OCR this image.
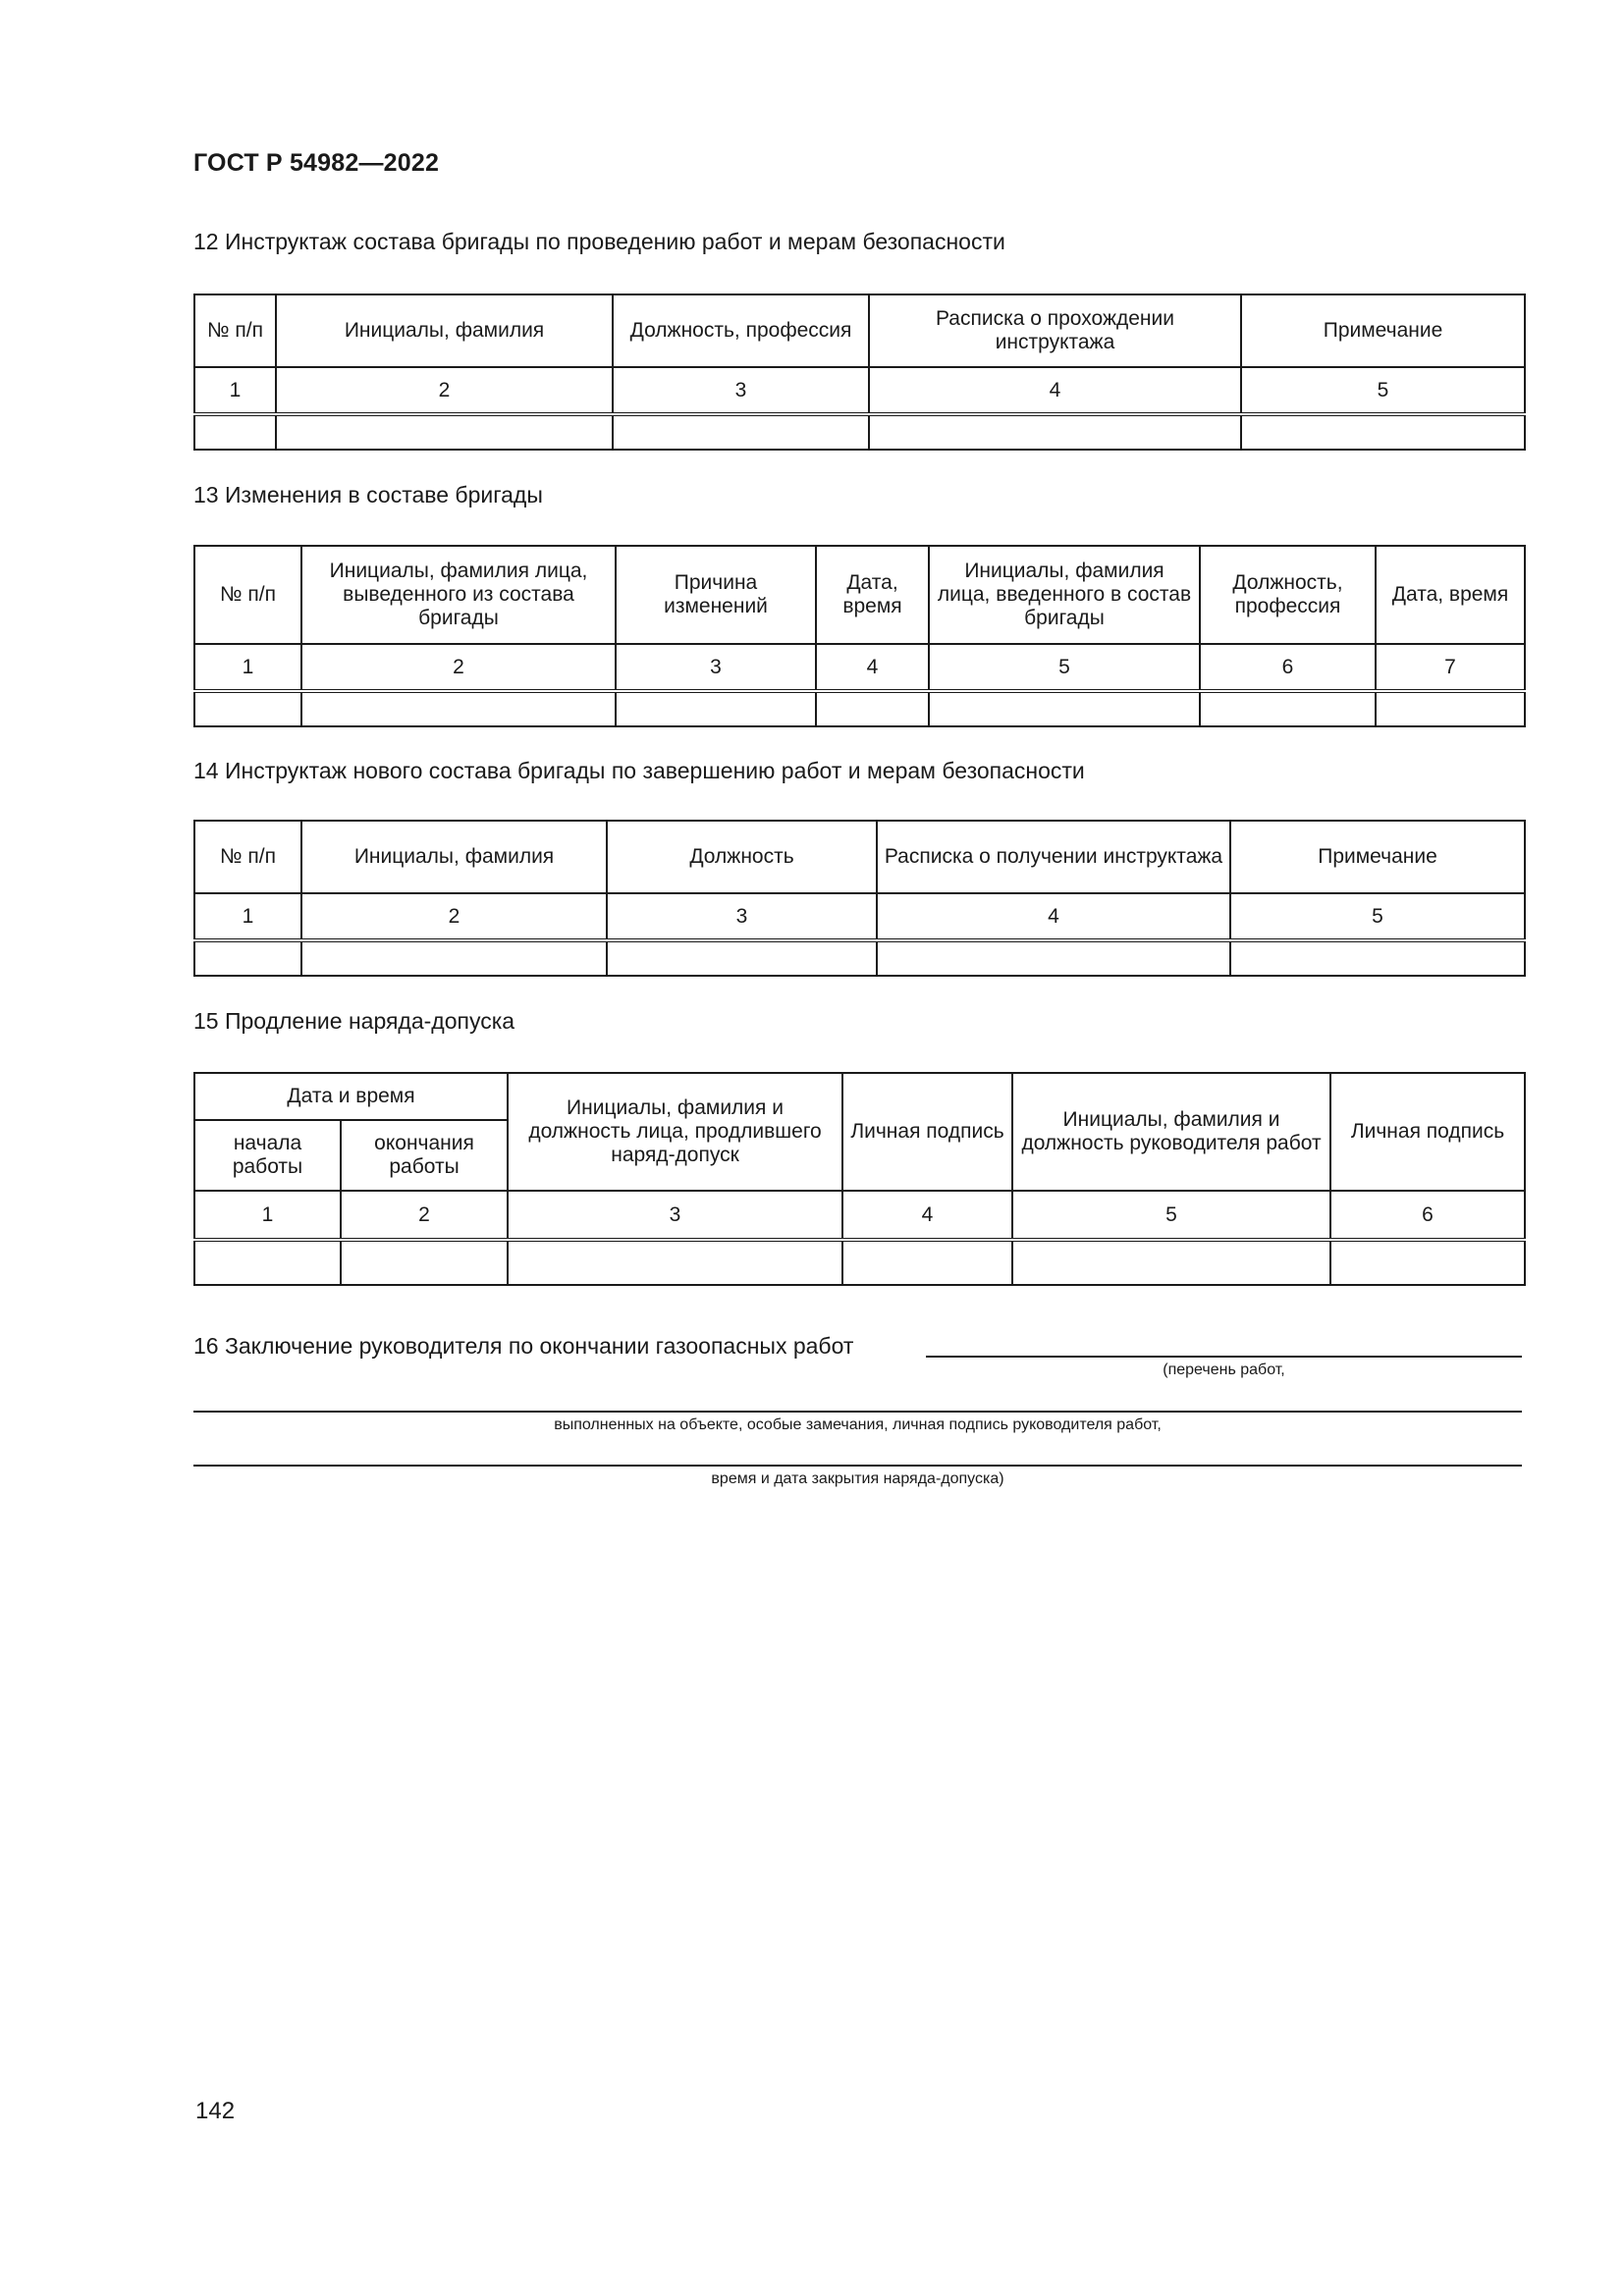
ГОСТ Р 54982—2022
12 Инструктаж состава бригады по проведению работ и мерам безопасности
№ п/п	Инициалы, фамилия	Должность, профессия	Расписка о прохождении инструктажа	Примечание
1	2	3	4	5

13 Изменения в составе бригады
№ п/п	Инициалы, фамилия лица, выведенного из состава бригады	Причина изменений	Дата, время	Инициалы, фамилия лица, введенного в состав бригады	Должность, профессия	Дата, время
1	2	3	4	5	6	7

14 Инструктаж нового состава бригады по завершению работ и мерам безопасности
№ п/п	Инициалы, фамилия	Должность	Расписка о получении инструктажа	Примечание
1	2	3	4	5

15 Продление наряда-допуска
Дата и время		Инициалы, фамилия и должность лица, продлившего наряд-допуск	Личная подпись	Инициалы, фамилия и должность руководителя работ	Личная подпись
начала работы	окончания работы				
1	2	3	4	5	6

16 Заключение руководителя по окончании газоопасных работ
(перечень работ,
выполненных на объекте, особые замечания, личная подпись руководителя работ,
время и дата закрытия наряда-допуска)
142
